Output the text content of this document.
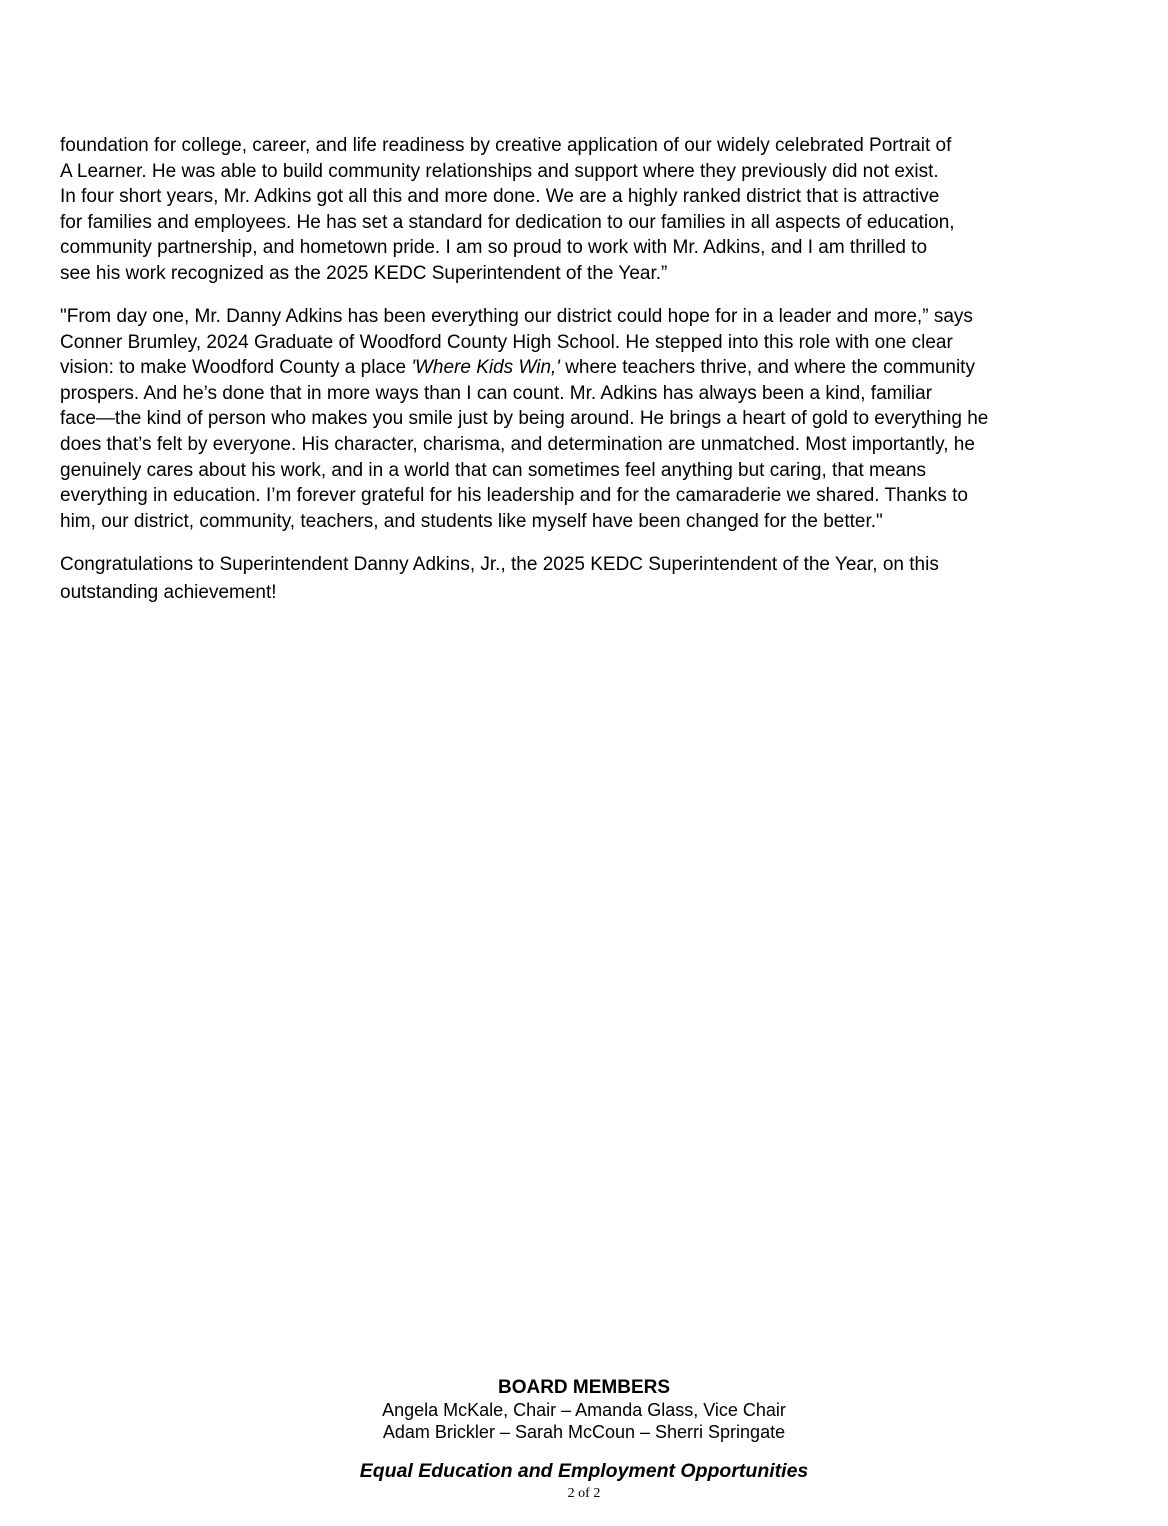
foundation for college, career, and life readiness by creative application of our widely celebrated Portrait of
A Learner. He was able to build community relationships and support where they previously did not exist.
In four short years, Mr. Adkins got all this and more done. We are a highly ranked district that is attractive
for families and employees. He has set a standard for dedication to our families in all aspects of education,
community partnership, and hometown pride. I am so proud to work with Mr. Adkins, and I am thrilled to
see his work recognized as the 2025 KEDC Superintendent of the Year.”

"From day one, Mr. Danny Adkins has been everything our district could hope for in a leader and more,” says
Conner Brumley, 2024 Graduate of Woodford County High School. He stepped into this role with one clear
vision: to make Woodford County a place 'Where Kids Win,' where teachers thrive, and where the community
prospers. And he’s done that in more ways than I can count. Mr. Adkins has always been a kind, familiar
face—the kind of person who makes you smile just by being around. He brings a heart of gold to everything he
does that’s felt by everyone. His character, charisma, and determination are unmatched. Most importantly, he
genuinely cares about his work, and in a world that can sometimes feel anything but caring, that means
everything in education. I’m forever grateful for his leadership and for the camaraderie we shared. Thanks to
him, our district, community, teachers, and students like myself have been changed for the better."

Congratulations to Superintendent Danny Adkins, Jr., the 2025 KEDC Superintendent of the Year, on this
outstanding achievement!

BOARD MEMBERS
Angela McKale, Chair – Amanda Glass, Vice Chair
Adam Brickler – Sarah McCoun – Sherri Springate
Equal Education and Employment Opportunities
2 of 2
